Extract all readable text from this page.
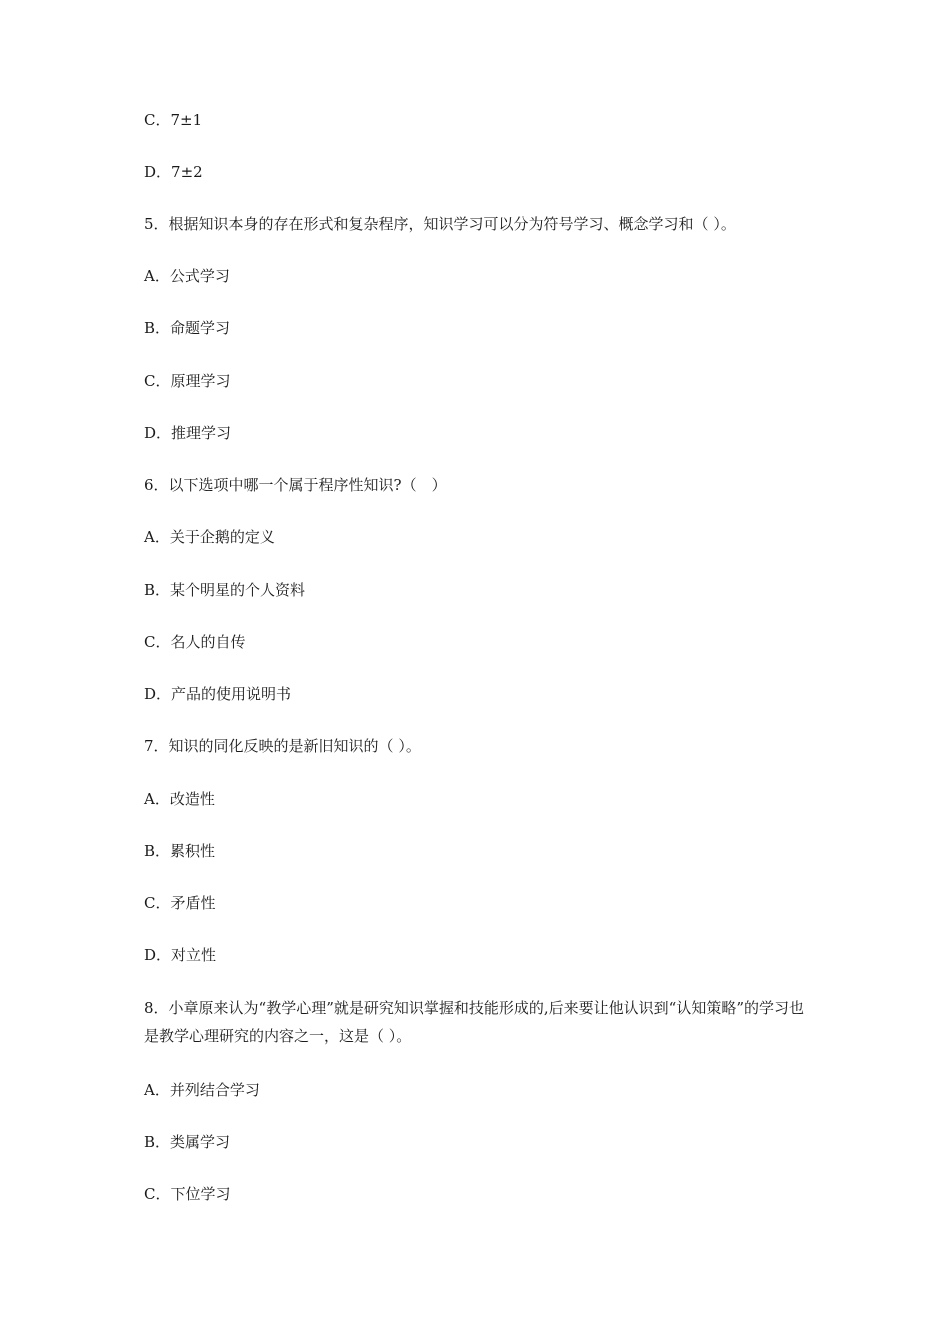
C．7±1
D．7±2
5．根据知识本身的存在形式和复杂程序，知识学习可以分为符号学习、概念学习和（ ）。
A．公式学习
B．命题学习
C．原理学习
D．推理学习
6．以下选项中哪一个属于程序性知识?（　）
A．关于企鹅的定义
B．某个明星的个人资料
C．名人的自传
D．产品的使用说明书
7．知识的同化反映的是新旧知识的（ ）。
A．改造性
B．累积性
C．矛盾性
D．对立性
8．小章原来认为“教学心理”就是研究知识掌握和技能形成的,后来要让他认识到“认知策略”的学习也是教学心理研究的内容之一，这是（ ）。
A．并列结合学习
B．类属学习
C．下位学习
